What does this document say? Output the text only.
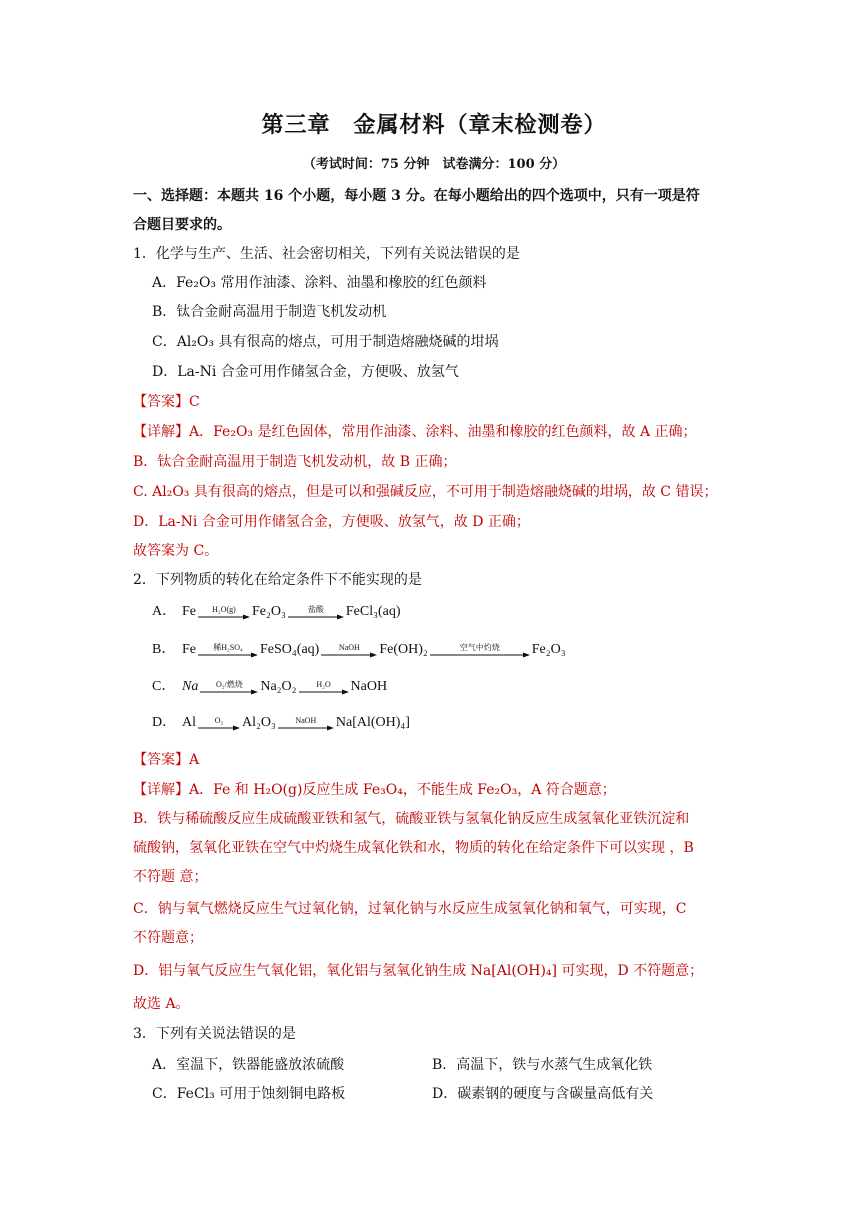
第三章　金属材料（章末检测卷）
（考试时间：75 分钟　试卷满分：100 分）
一、选择题：本题共 16 个小题，每小题 3 分。在每小题给出的四个选项中，只有一项是符
合题目要求的。
1．化学与生产、生活、社会密切相关，下列有关说法错误的是
A．Fe₂O₃ 常用作油漆、涂料、油墨和橡胶的红色颜料
B．钛合金耐高温用于制造飞机发动机
C．Al₂O₃ 具有很高的熔点，可用于制造熔融烧碱的坩埚
D．La-Ni 合金可用作储氢合金，方便吸、放氢气
【答案】C
【详解】A．Fe₂O₃ 是红色固体，常用作油漆、涂料、油墨和橡胶的红色颜料，故 A 正确；
B．钛合金耐高温用于制造飞机发动机，故 B 正确；
C. Al₂O₃ 具有很高的熔点，但是可以和强碱反应，不可用于制造熔融烧碱的坩埚，故 C 错误；
D．La-Ni 合金可用作储氢合金，方便吸、放氢气，故 D 正确；
故答案为 C。
2．下列物质的转化在给定条件下不能实现的是
A． Fe H₂O(g) Fe₂O₃	盐酸 FeCl₃(aq)
B． Fe 稀H₂SO₄ FeSO₄(aq) NaOH Fe(OH)₂	空气中灼烧 Fe₂O₃
C． Na O₂/燃烧 Na₂O₂ H₂O NaOH
D． Al O₂ Al₂O₃ NaOH Na[Al(OH)₄]
【答案】A
【详解】A．Fe 和 H₂O(g)反应生成 Fe₃O₄，不能生成 Fe₂O₃，A 符合题意；
B．铁与稀硫酸反应生成硫酸亚铁和氢气，硫酸亚铁与氢氧化钠反应生成氢氧化亚铁沉淀和
硫酸钠，氢氧化亚铁在空气中灼烧生成氧化铁和水，物质的转化在给定条件下可以实现 ，B
不符题 意；
C．钠与氧气燃烧反应生气过氧化钠，过氧化钠与水反应生成氢氧化钠和氧气，可实现，C
不符题意；
D．铝与氧气反应生气氧化铝，氧化铝与氢氧化钠生成 Na[Al(OH)₄] 可实现，D 不符题意；
故选 A。
3．下列有关说法错误的是
A．室温下，铁器能盛放浓硫酸	B．高温下，铁与水蒸气生成氧化铁
C．FeCl₃ 可用于蚀刻铜电路板	D．碳素钢的硬度与含碳量高低有关
